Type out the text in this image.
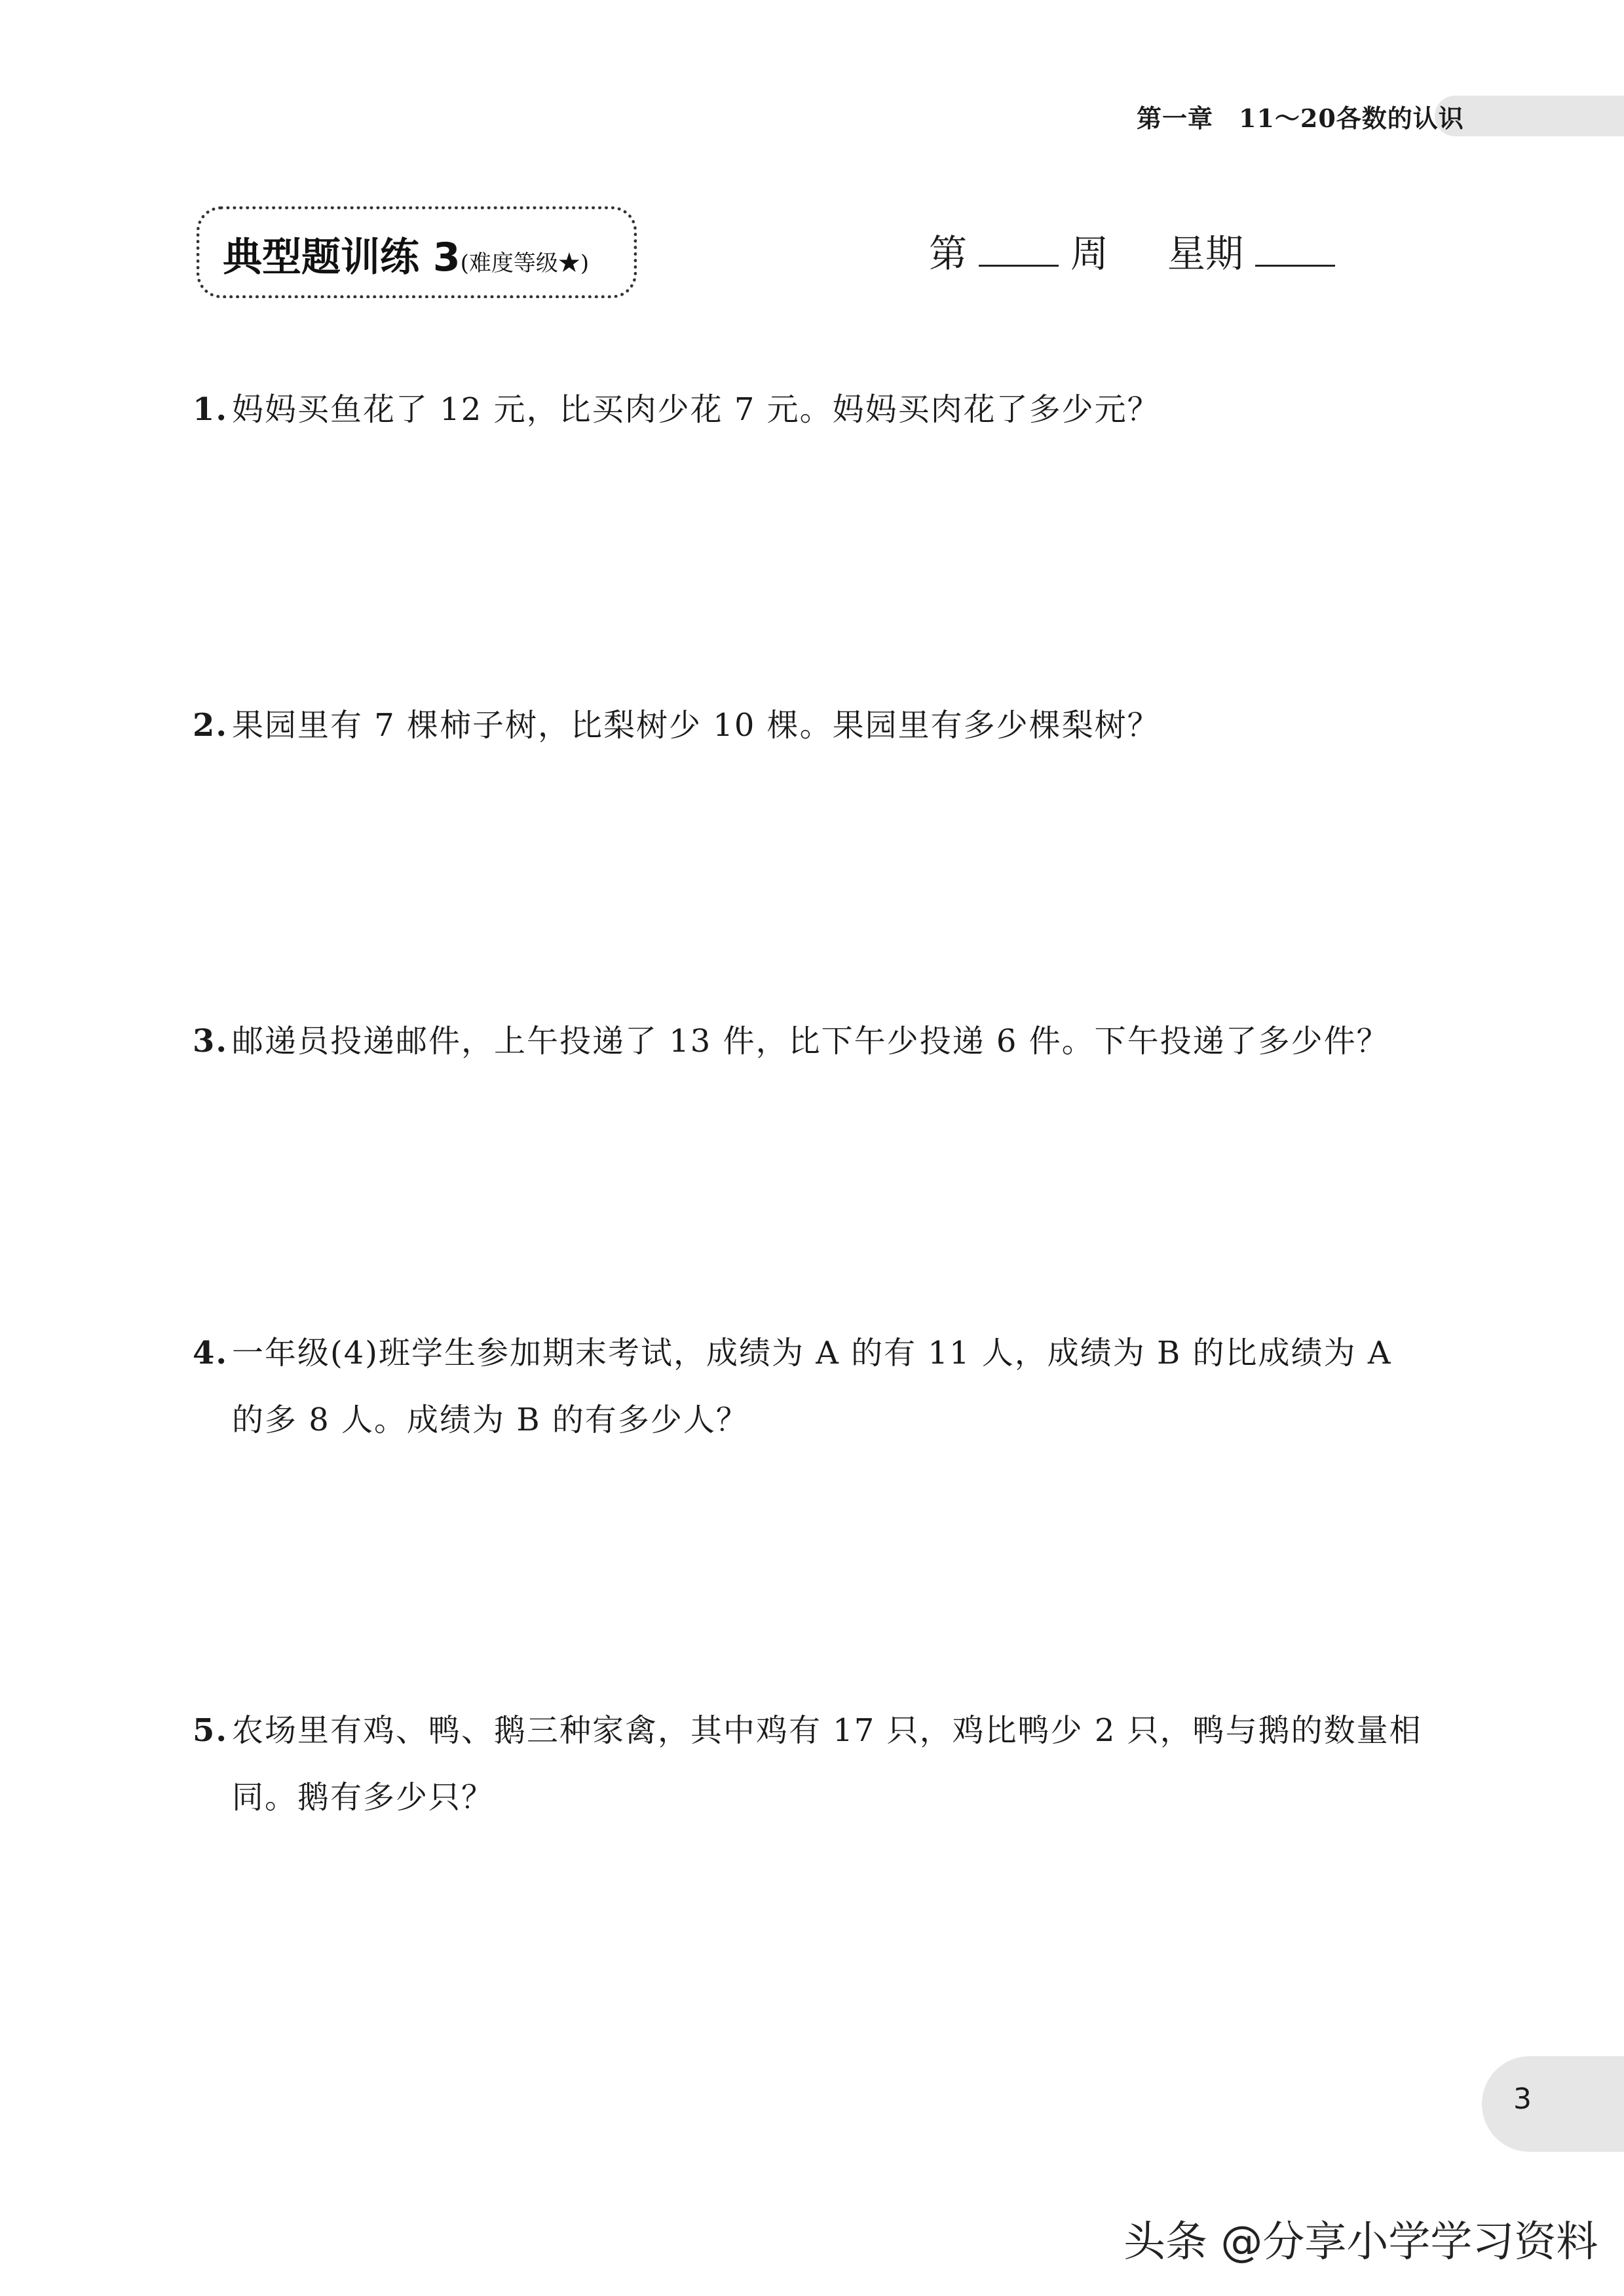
第一章　11～20各数的认识
典型题训练 3(难度等级★)	第	周 星期
1. 妈妈买鱼花了 12 元，比买肉少花 7 元。妈妈买肉花了多少元？
2. 果园里有 7 棵柿子树，比梨树少 10 棵。果园里有多少棵梨树？
3. 邮递员投递邮件，上午投递了 13 件，比下午少投递 6 件。下午投递了多少件？
4. 一年级(4)班学生参加期末考试，成绩为 A 的有 11 人，成绩为 B 的比成绩为 A
的多 8 人。成绩为 B 的有多少人？
5. 农场里有鸡、鸭、鹅三种家禽，其中鸡有 17 只，鸡比鸭少 2 只，鸭与鹅的数量相
同。鹅有多少只？
3
头条 @分享小学学习资料
